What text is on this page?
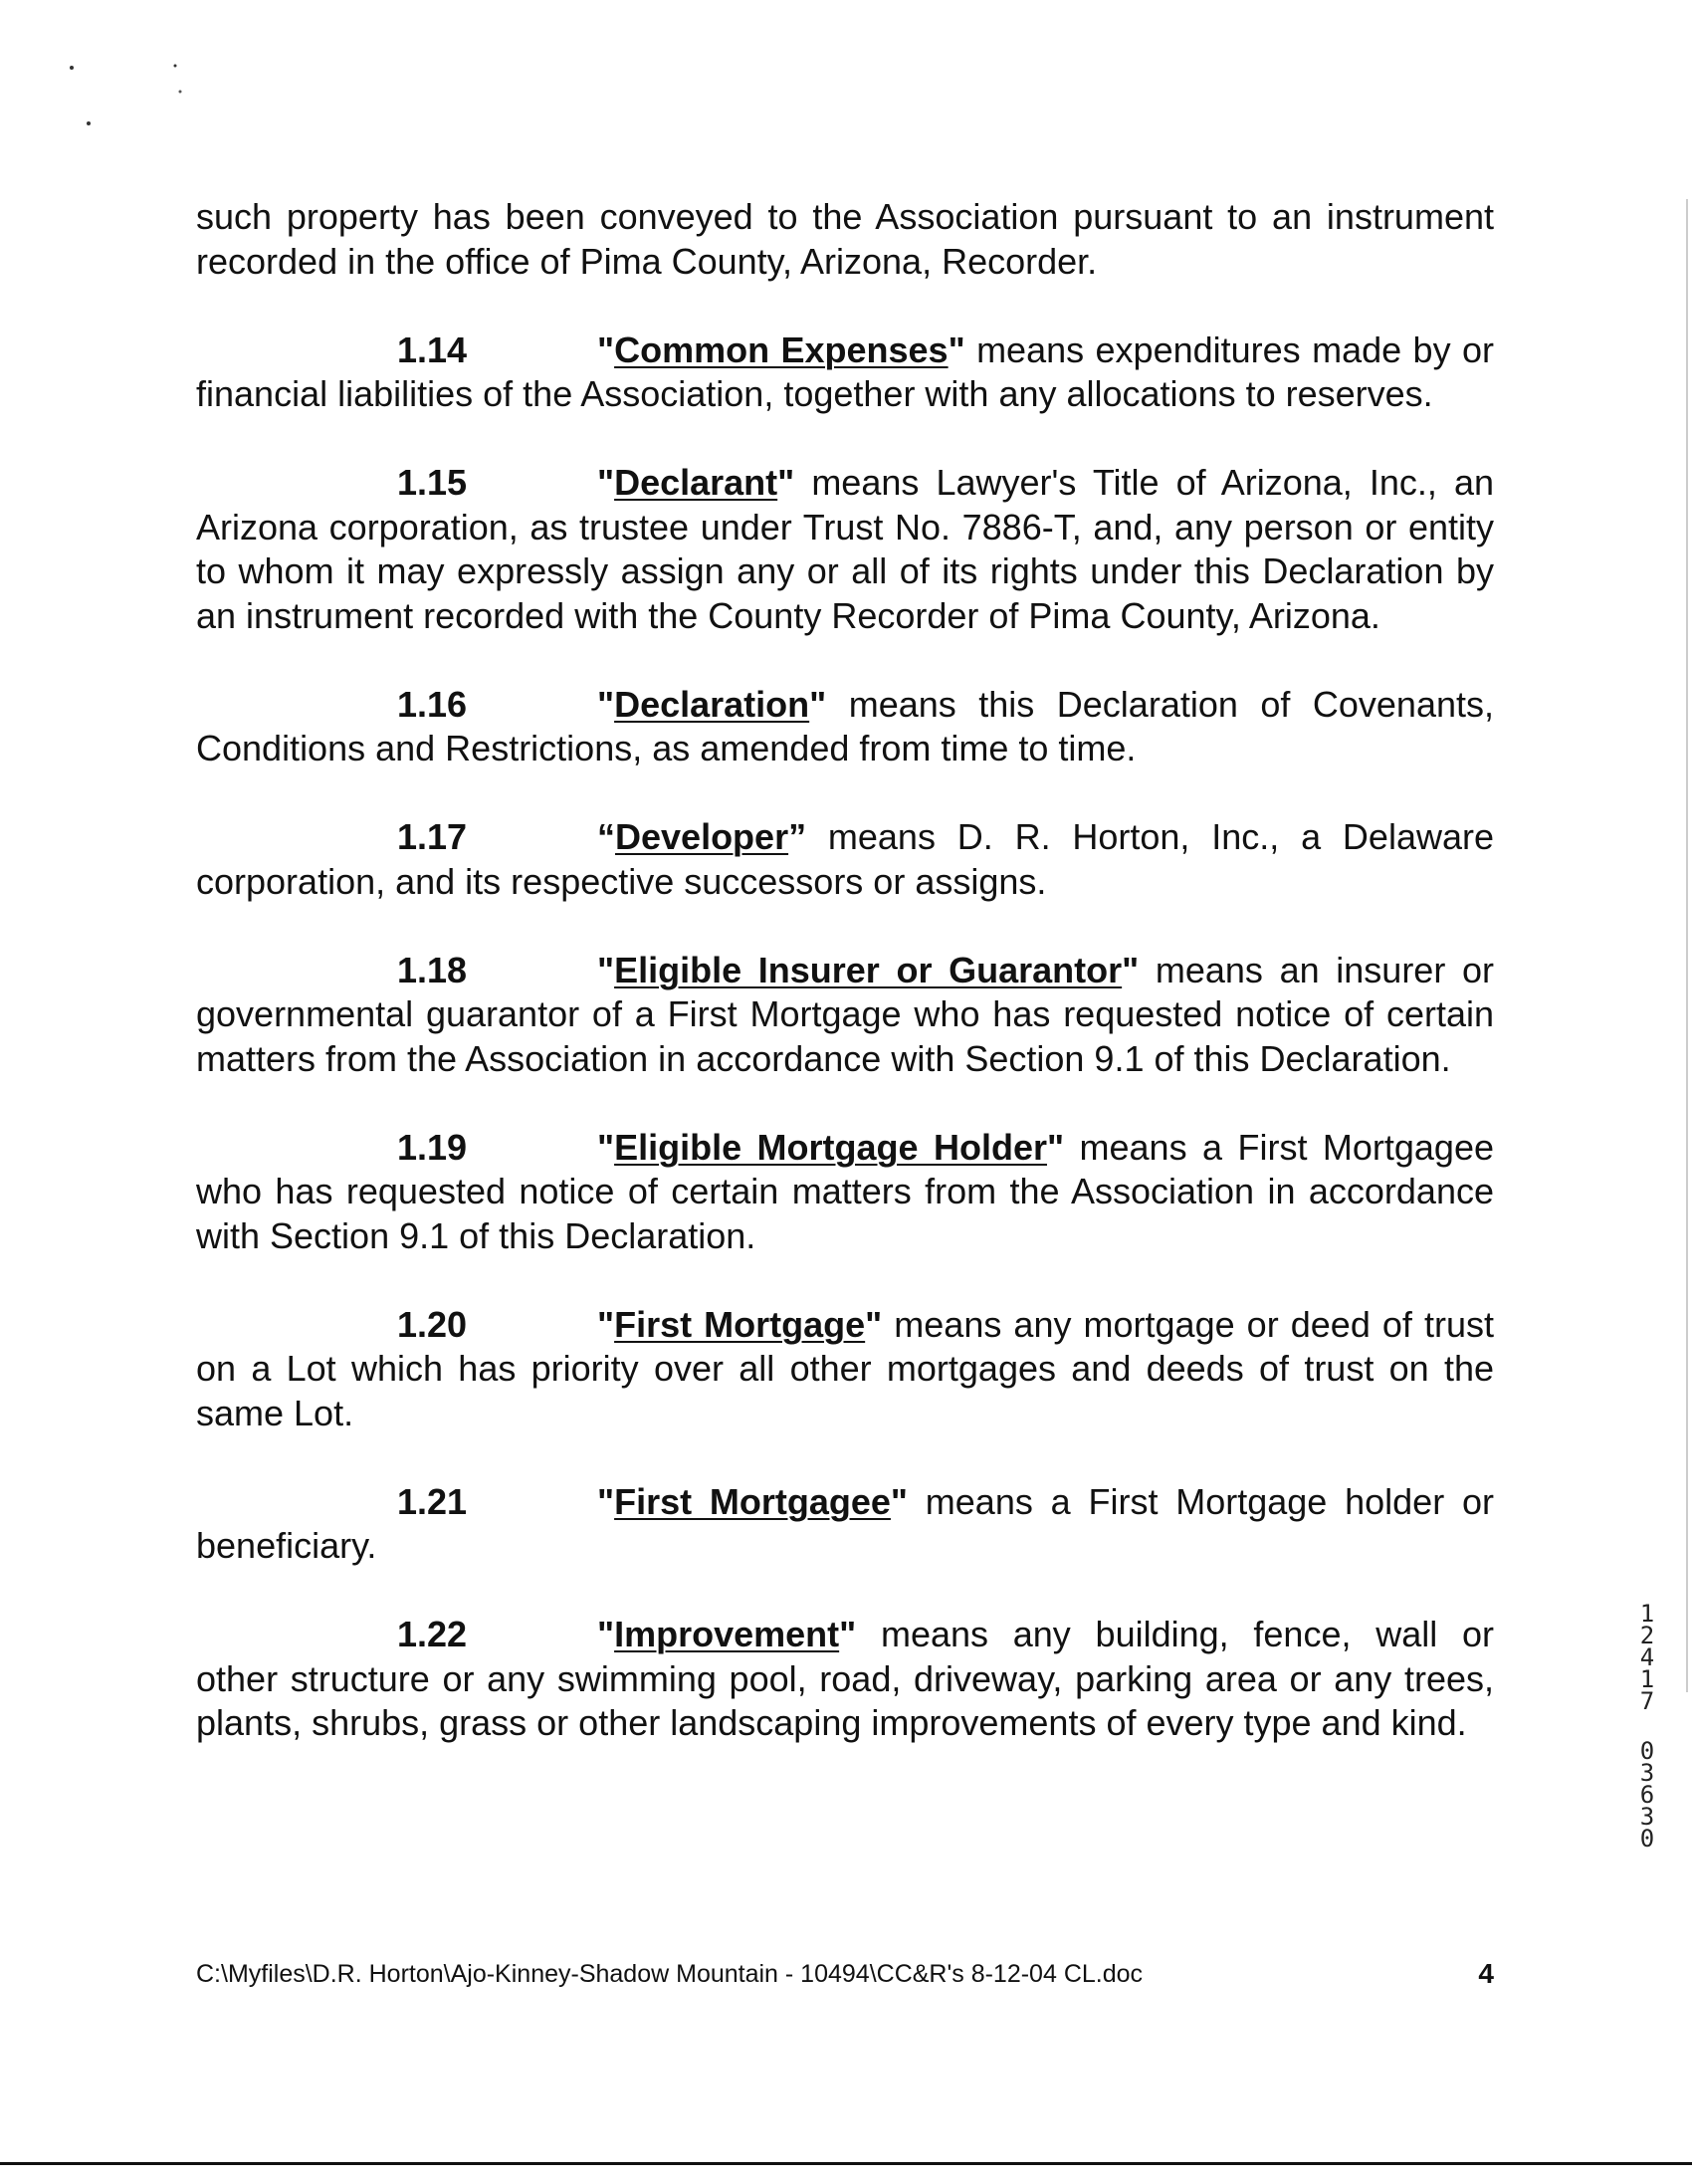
such property has been conveyed to the Association pursuant to an instrument recorded in the office of Pima County, Arizona, Recorder.

1.14	"Common Expenses" means expenditures made by or financial liabilities of the Association, together with any allocations to reserves.

1.15	"Declarant" means Lawyer's Title of Arizona, Inc., an Arizona corporation, as trustee under Trust No. 7886-T, and, any person or entity to whom it may expressly assign any or all of its rights under this Declaration by an instrument recorded with the County Recorder of Pima County, Arizona.

1.16	"Declaration" means this Declaration of Covenants, Conditions and Restrictions, as amended from time to time.

1.17	“Developer” means D. R. Horton, Inc., a Delaware corporation, and its respective successors or assigns.

1.18	"Eligible Insurer or Guarantor" means an insurer or governmental guarantor of a First Mortgage who has requested notice of certain matters from the Association in accordance with Section 9.1 of this Declaration.

1.19	"Eligible Mortgage Holder" means a First Mortgagee who has requested notice of certain matters from the Association in accordance with Section 9.1 of this Declaration.

1.20	"First Mortgage" means any mortgage or deed of trust on a Lot which has priority over all other mortgages and deeds of trust on the same Lot.

1.21	"First Mortgagee" means a First Mortgage holder or beneficiary.

1.22	"Improvement" means any building, fence, wall or other structure or any swimming pool, road, driveway, parking area or any trees, plants, shrubs, grass or other landscaping improvements of every type and kind.

C:\Myfiles\D.R. Horton\Ajo-Kinney-Shadow Mountain - 10494\CC&R's 8-12-04 CL.doc	4
1
2
4
1
7
0
3
6
3
0
